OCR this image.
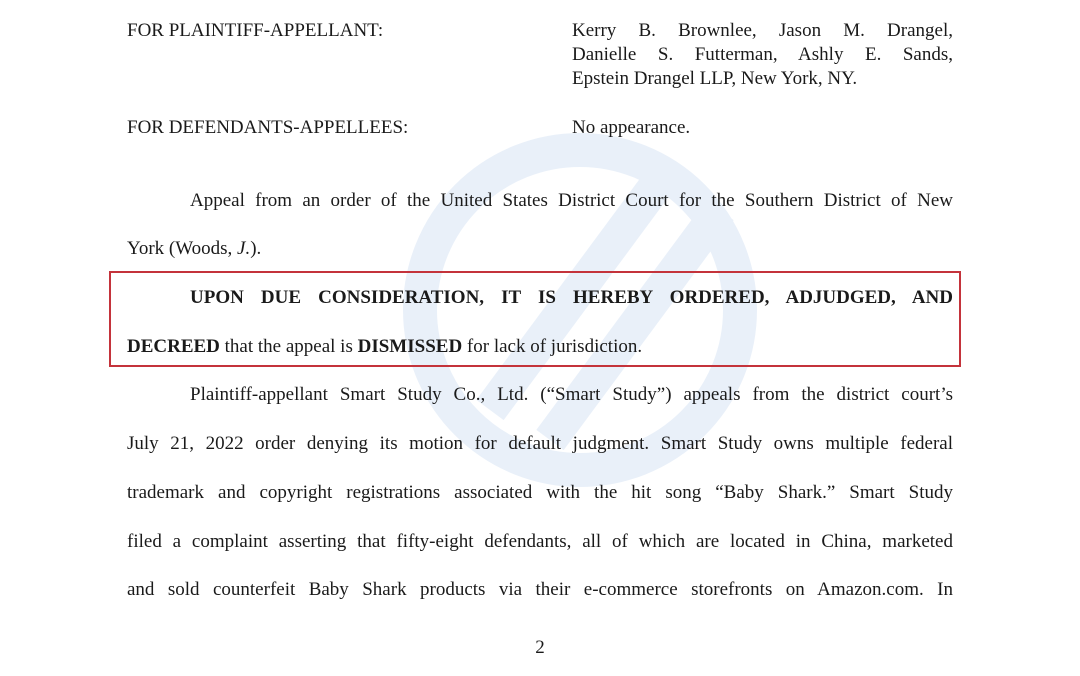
FOR PLAINTIFF-APPELLANT:	Kerry B. Brownlee, Jason M. Drangel,
Danielle S. Futterman, Ashly E. Sands,
Epstein Drangel LLP, New York, NY.
FOR DEFENDANTS-APPELLEES:	No appearance.
Appeal from an order of the United States District Court for the Southern District of New
York (Woods, J.).
UPON DUE CONSIDERATION, IT IS HEREBY ORDERED, ADJUDGED, AND
DECREED that the appeal is DISMISSED for lack of jurisdiction.
Plaintiff-appellant Smart Study Co., Ltd. (“Smart Study”) appeals from the district court’s
July 21, 2022 order denying its motion for default judgment. Smart Study owns multiple federal
trademark and copyright registrations associated with the hit song “Baby Shark.” Smart Study
filed a complaint asserting that fifty-eight defendants, all of which are located in China, marketed
and sold counterfeit Baby Shark products via their e-commerce storefronts on Amazon.com. In
2
